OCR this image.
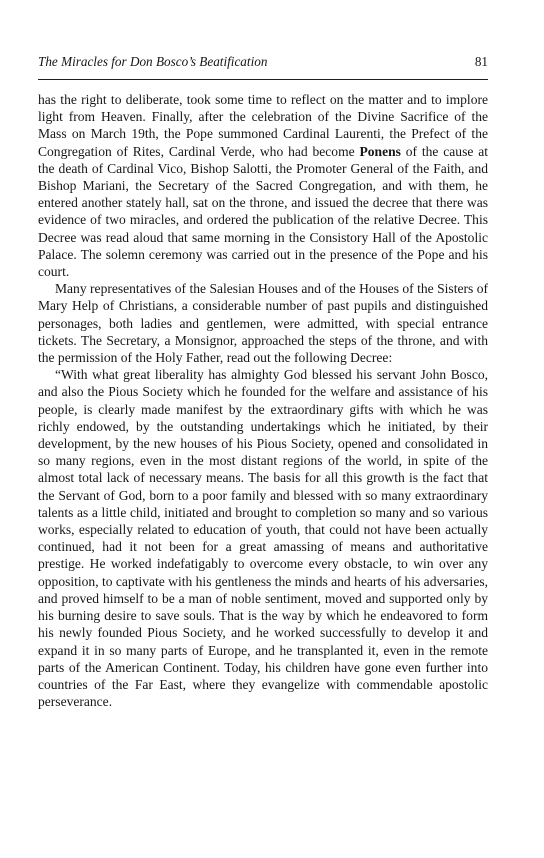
The Miracles for Don Bosco’s Beatification	81

has the right to deliberate, took some time to reflect on the matter and to implore light from Heaven. Finally, after the celebration of the Divine Sacrifice of the Mass on March 19th, the Pope summoned Cardinal Laurenti, the Prefect of the Congregation of Rites, Cardinal Verde, who had become Ponens of the cause at the death of Cardinal Vico, Bishop Salotti, the Promoter General of the Faith, and Bishop Mariani, the Secretary of the Sacred Congregation, and with them, he entered another stately hall, sat on the throne, and issued the decree that there was evidence of two miracles, and ordered the publication of the relative Decree. This Decree was read aloud that same morning in the Consistory Hall of the Apostolic Palace. The solemn ceremony was carried out in the presence of the Pope and his court.

Many representatives of the Salesian Houses and of the Houses of the Sisters of Mary Help of Christians, a considerable number of past pupils and distinguished personages, both ladies and gentlemen, were admitted, with special entrance tickets. The Secretary, a Monsignor, approached the steps of the throne, and with the permission of the Holy Father, read out the following Decree:

“With what great liberality has almighty God blessed his servant John Bosco, and also the Pious Society which he founded for the welfare and assistance of his people, is clearly made manifest by the extraordinary gifts with which he was richly endowed, by the outstanding undertakings which he initiated, by their development, by the new houses of his Pious Society, opened and consolidated in so many regions, even in the most distant regions of the world, in spite of the almost total lack of necessary means. The basis for all this growth is the fact that the Servant of God, born to a poor family and blessed with so many extraordinary talents as a little child, initiated and brought to completion so many and so various works, especially related to education of youth, that could not have been actually continued, had it not been for a great amassing of means and authoritative prestige. He worked indefatigably to overcome every obstacle, to win over any opposition, to captivate with his gentleness the minds and hearts of his adversaries, and proved himself to be a man of noble sentiment, moved and supported only by his burning desire to save souls. That is the way by which he endeavored to form his newly founded Pious Society, and he worked successfully to develop it and expand it in so many parts of Europe, and he transplanted it, even in the remote parts of the American Continent. Today, his children have gone even further into countries of the Far East, where they evangelize with commendable apostolic perseverance.
